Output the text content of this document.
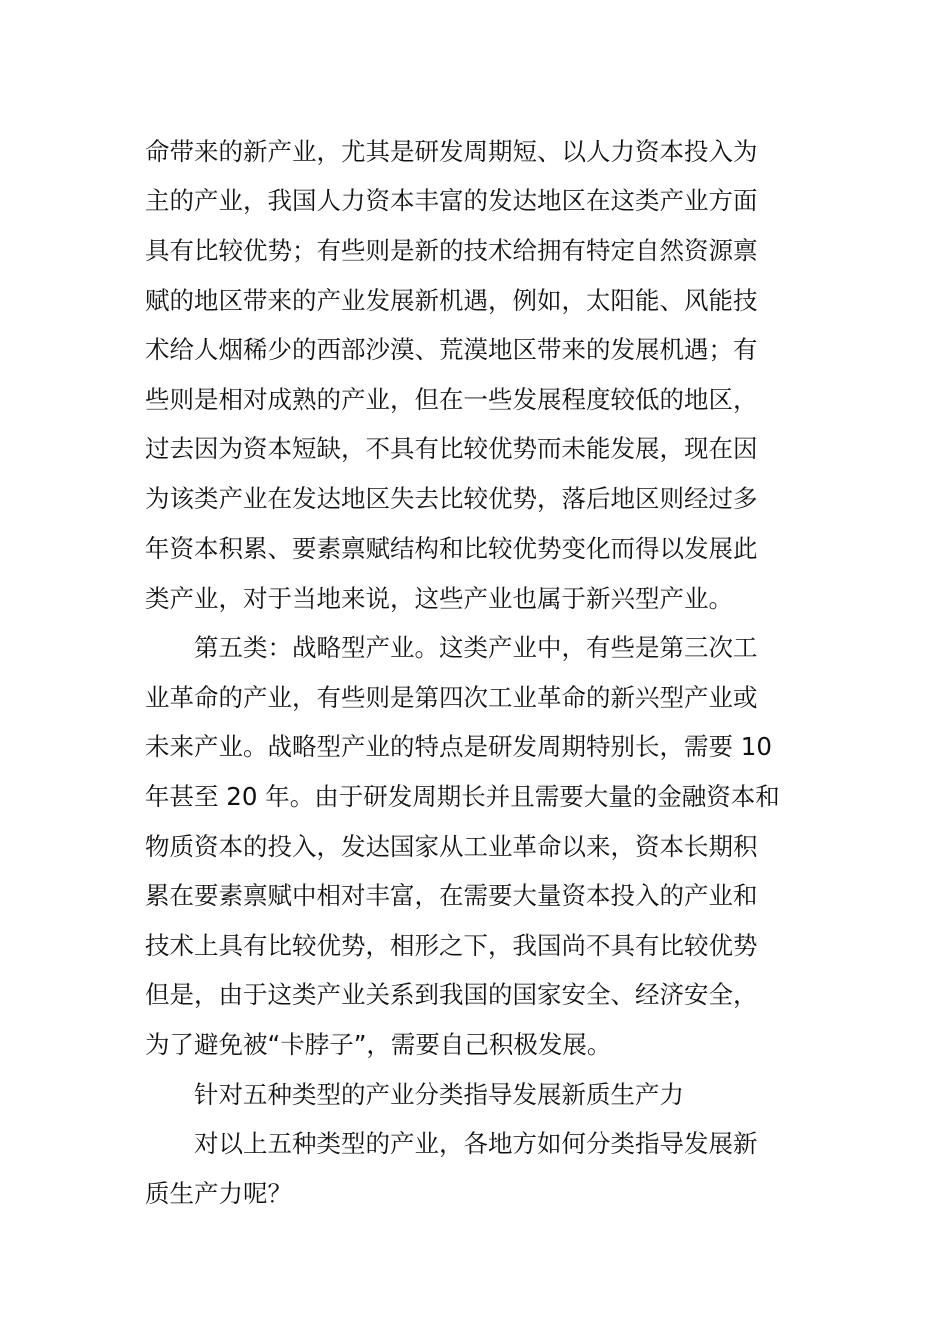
命带来的新产业，尤其是研发周期短、以人力资本投入为
主的产业，我国人力资本丰富的发达地区在这类产业方面
具有比较优势；有些则是新的技术给拥有特定自然资源禀
赋的地区带来的产业发展新机遇，例如，太阳能、风能技
术给人烟稀少的西部沙漠、荒漠地区带来的发展机遇；有
些则是相对成熟的产业，但在一些发展程度较低的地区，
过去因为资本短缺，不具有比较优势而未能发展，现在因
为该类产业在发达地区失去比较优势，落后地区则经过多
年资本积累、要素禀赋结构和比较优势变化而得以发展此
类产业，对于当地来说，这些产业也属于新兴型产业。
第五类：战略型产业。这类产业中，有些是第三次工
业革命的产业，有些则是第四次工业革命的新兴型产业或
未来产业。战略型产业的特点是研发周期特别长，需要 10
年甚至 20 年。由于研发周期长并且需要大量的金融资本和
物质资本的投入，发达国家从工业革命以来，资本长期积
累在要素禀赋中相对丰富，在需要大量资本投入的产业和
技术上具有比较优势，相形之下，我国尚不具有比较优势
但是，由于这类产业关系到我国的国家安全、经济安全，
为了避免被“卡脖子”，需要自己积极发展。
针对五种类型的产业分类指导发展新质生产力
对以上五种类型的产业，各地方如何分类指导发展新
质生产力呢？
